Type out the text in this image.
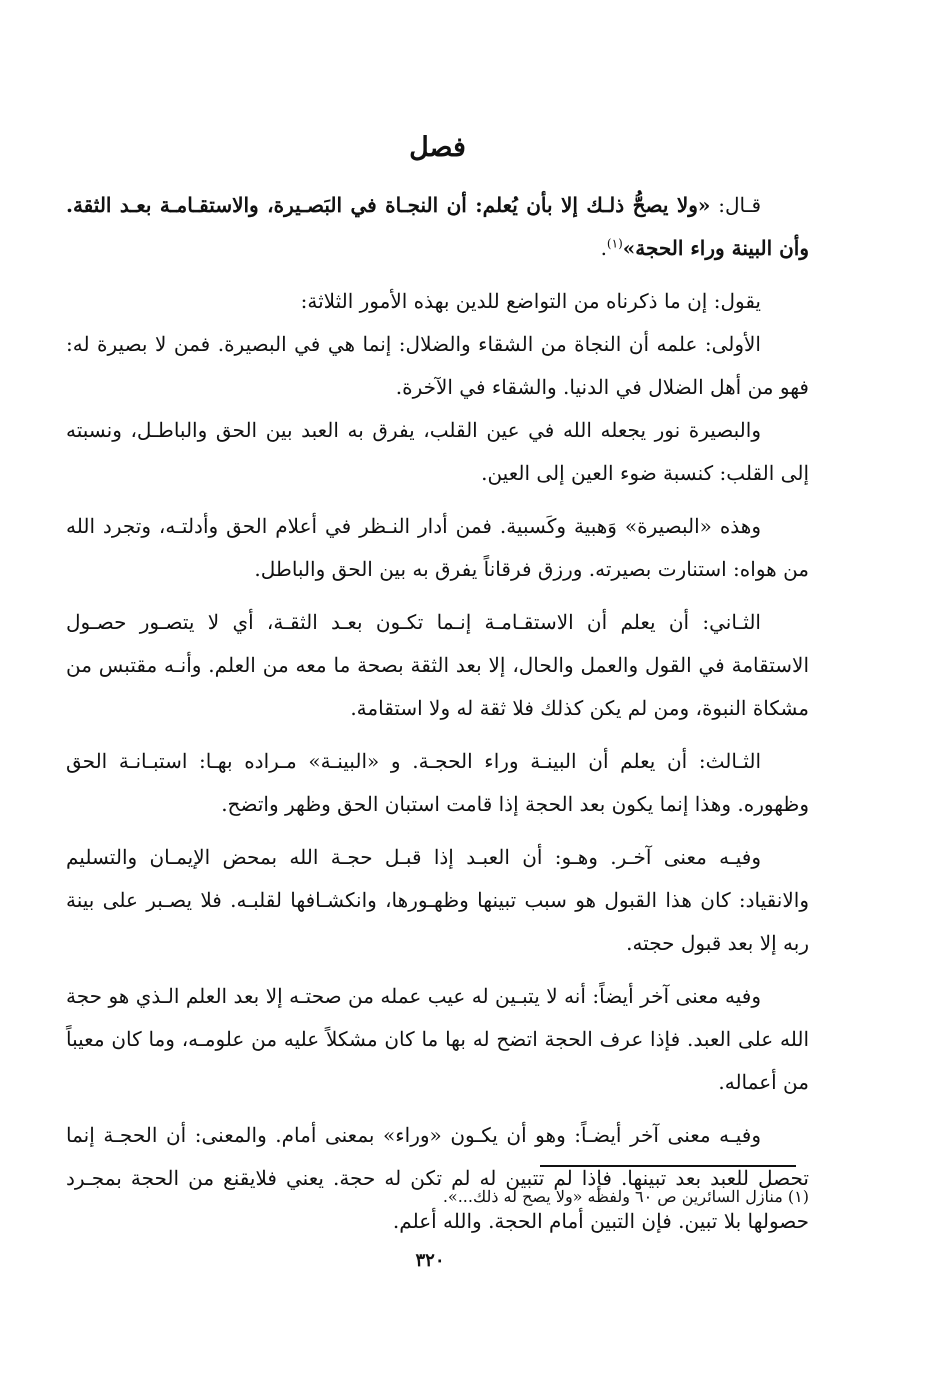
فصل

قـال: «ولا يصحُّ ذلـك إلا بأن يُعلم: أن النجـاة في البَصـيرة، والاستقـامـة بعـد الثقة. وأن البينة وراء الحجة»$^{(١)}$.

يقول: إن ما ذكرناه من التواضع للدين بهذه الأمور الثلاثة:

الأولى: علمه أن النجاة من الشقاء والضلال: إنما هي في البصيرة. فمن لا بصيرة له: فهو من أهل الضلال في الدنيا. والشقاء في الآخرة.

والبصيرة نور يجعله الله في عين القلب، يفرق به العبد بين الحق والباطـل، ونسبته إلى القلب: كنسبة ضوء العين إلى العين.

وهذه «البصيرة» وَهبية وكَسبية. فمن أدار النـظر في أعلام الحق وأدلتـه، وتجرد الله من هواه: استنارت بصيرته. ورزق فرقاناً يفرق به بين الحق والباطل.

الثـاني: أن يعلم أن الاستقـامـة إنـما تكـون بعـد الثقـة، أي لا يتصـور حصـول الاستقامة في القول والعمل والحال، إلا بعد الثقة بصحة ما معه من العلم. وأنـه مقتبس من مشكاة النبوة، ومن لم يكن كذلك فلا ثقة له ولا استقامة.

الثـالث: أن يعلم أن البينـة وراء الحجـة. و «البينـة» مـراده بهـا: استبـانـة الحق وظهوره. وهذا إنما يكون بعد الحجة إذا قامت استبان الحق وظهر واتضح.

وفيـه معنى آخـر. وهـو: أن العبـد إذا قبـل حجـة الله بمحض الإيمـان والتسليم والانقياد: كان هذا القبول هو سبب تبينها وظهـورها، وانكشـافها لقلبـه. فلا يصـبر على بينة ربه إلا بعد قبول حجته.

وفيه معنى آخر أيضاً: أنه لا يتبـين له عيب عمله من صحتـه إلا بعد العلم الـذي هو حجة الله على العبد. فإذا عرف الحجة اتضح له بها ما كان مشكلاً عليه من علومـه، وما كان معيباً من أعماله.

وفيـه معنى آخر أيضـاً: وهو أن يكـون «وراء» بمعنى أمام. والمعنى: أن الحجـة إنما تحصل للعبد بعد تبينها. فإذا لم تتبين له لم تكن له حجة. يعني فلايقنع من الحجة بمجـرد حصولها بلا تبين. فإن التبين أمام الحجة. والله أعلم.

(١) منازل السائرين ص ٦٠ ولفظه «ولا يصح له ذلك...».
٣٢٠
